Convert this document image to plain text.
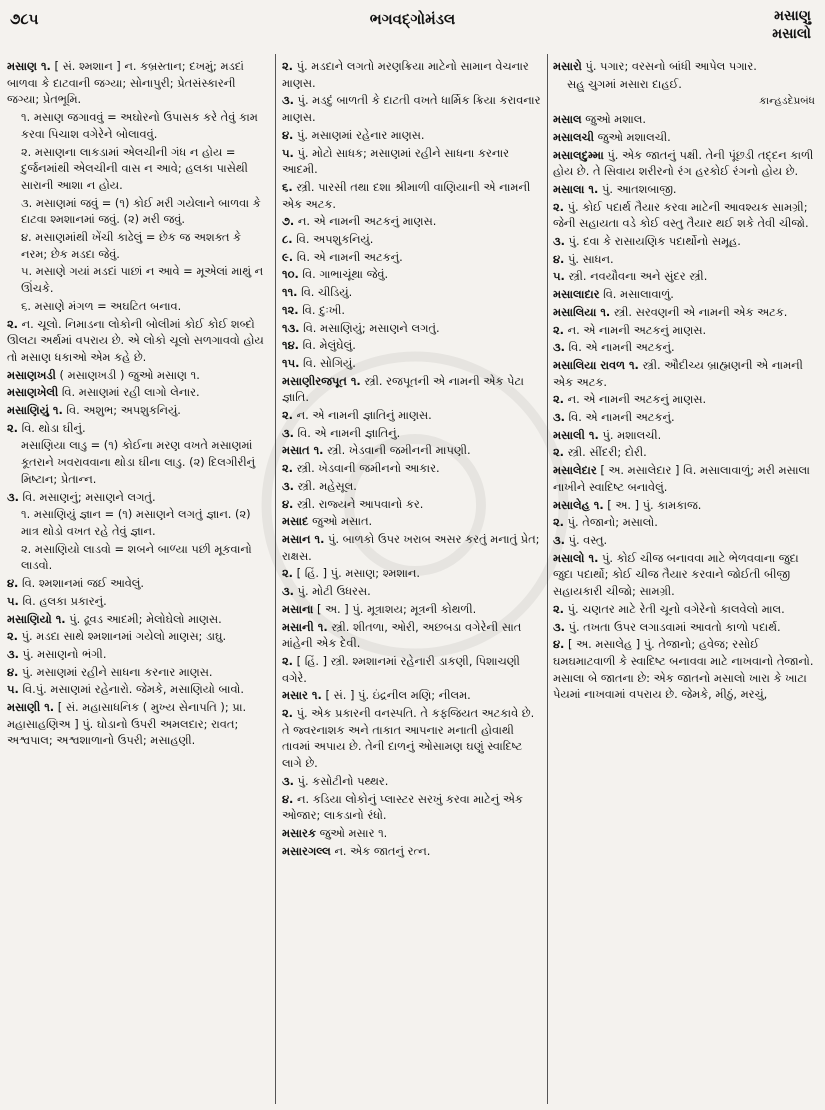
૭૮૫	ભગવદ્ગોમંડલ	મસાણુ
મસાલો
મસાણ ૧. [ સં. શ્મશાન ] ન. કબ્રસ્તાન; દખમું; મડદાં બાળવા કે દાટવાની જગ્યા; સોનાપુરી; પ્રેતસંસ્કારની જગ્યા; પ્રેતભૂમિ.
૧. મસાણ જગાવવું = અઘોરનો ઉપાસક કરે તેવું કામ કરવા પિચાશ વગેરેને બોલાવવું.
૨. મસાણના લાકડામાં એલચીની ગંધ ન હોય = દુર્જનમાંથી એલચીની વાસ ન આવે; હલકા પાસેથી સારાની આશા ન હોય.
૩. મસાણમાં જવું = (૧) કોઈ મરી ગયેલાને બાળવા કે દાટવા શ્મશાનમાં જવું. (૨) મરી જવું.
૪. મસાણમાંથી ખેંચી કાઢેલું = છેક જ અશક્ત કે નરમ; છેક મડદા જેવું.
૫. મસાણે ગયાં મડદાં પાછાં ન આવે = મૂએલાં માથું ન ઊંચકે.
૬. મસાણે મંગળ = અઘટિત બનાવ.
૨. ન. ચૂલો. નિમાડના લોકોની બોલીમાં કોઈ કોઈ શબ્દો ઊલટા અર્થમાં વપરાય છે. એ લોકો ચૂલો સળગાવવો હોય તો મસાણ ધકાઓ એમ કહે છે.
મસાણખડી ( મસાણખડી ) જુઓ મસાણ ૧.
મસાણખેલી વિ. મસાણમાં રહી લાગો લેનાર.
મસાણિયું ૧. વિ. અશુભ; અપશુકનિયું.
૨. વિ. થોડા ઘીનું.
મસાણિયા લાડુ = (૧) કોઈના મરણ વખતે મસાણમાં કૂતરાને ખવરાવવાના થોડા ઘીના લાડુ. (૨) દિલગીરીનું મિષ્ટાન; પ્રેતાન્ન.
૩. વિ. મસાણનું; મસાણને લગતું.
૧. મસાણિયું જ્ઞાન = (૧) મસાણને લગતું જ્ઞાન. (૨) માત્ર થોડો વખત રહે તેવું જ્ઞાન.
૨. મસાણિયો લાડવો = શબને બાળ્યા પછી મૂકવાનો લાડવો.
૪. વિ. શ્મશાનમાં જઈ આવેલું.
૫. વિ. હલકા પ્રકારનું.
મસાણિયો ૧. પું. ઢૂવડ આદમી; મેલોઘેલો માણસ.
૨. પું. મડદા સાથે શ્મશાનમાં ગયેલો માણસ; ડાઘુ.
૩. પું. મસાણનો ભંગી.
૪. પું. મસાણમાં રહીને સાધના કરનાર માણસ.
૫. વિ.પું. મસાણમાં રહેનારો. જેમકે, મસાણિયો બાવો.
મસાણી ૧. [ સં. મહાસાધનિક ( મુખ્ય સેનાપતિ ); પ્રા. મહાસાહણિઅ ] પું. ઘોડાનો ઉપરી અમલદાર; રાવત; અશ્વપાલ; અશ્વશાળાનો ઉપરી; મસાહણી.
૨. પું. મડદાને લગતો મરણક્રિયા માટેનો સામાન વેચનાર માણસ.
૩. પું. મડદું બાળતી કે દાટતી વખતે ધાર્મિક ક્રિયા કરાવનાર માણસ.
૪. પું. મસાણમાં રહેનાર માણસ.
૫. પું. મોટો સાધક; મસાણમાં રહીને સાધના કરનાર આદમી.
૬. સ્ત્રી. પારસી તથા દશા શ્રીમાળી વાણિયાની એ નામની એક અટક.
૭. ન. એ નામની અટકનું માણસ.
૮. વિ. અપશુકનિયું.
૯. વિ. એ નામની અટકનું.
૧૦. વિ. ગાભાચૂંથા જેવું.
૧૧. વિ. ચીડિયું.
૧૨. વિ. દુઃખી.
૧૩. વિ. મસાણિયું; મસાણને લગતું.
૧૪. વિ. મેલુંઘેલું.
૧૫. વિ. સોગિયું.
મસાણીરજપૂત ૧. સ્ત્રી. રજપૂતની એ નામની એક પેટા જ્ઞાતિ.
૨. ન. એ નામની જ્ઞાતિનું માણસ.
૩. વિ. એ નામની જ્ઞાતિનું.
મસાત ૧. સ્ત્રી. ખેડવાની જમીનની માપણી.
૨. સ્ત્રી. ખેડવાની જમીનનો આકાર.
૩. સ્ત્રી. મહેસૂલ.
૪. સ્ત્રી. રાજ્યને આપવાનો કર.
મસાદ જુઓ મસાત.
મસાન ૧. પું. બાળકો ઉપર ખરાબ અસર કરતું મનાતું પ્રેત; રાક્ષસ.
૨. [ હિં. ] પું. મસાણ; શ્મશાન.
૩. પું. મોટી ઉધરસ.
મસાના [ અ. ] પું. મૂત્રાશય; મૂત્રની કોથળી.
મસાની ૧. સ્ત્રી. શીતળા, ઓરી, અછબડા વગેરેની સાત માંહેની એક દેવી.
૨. [ હિં. ] સ્ત્રી. શ્મશાનમાં રહેનારી ડાકણી, પિશાચણી વગેરે.
મસાર ૧. [ સં. ] પું. ઇંદ્રનીલ મણિ; નીલમ.
૨. પું. એક પ્રકારની વનસ્પતિ. તે કફજિયત અટકાવે છે. તે જ્વરનાશક અને તાકાત આપનાર મનાતી હોવાથી તાવમાં અપાય છે. તેની દાળનું ઓસામણ ઘણું સ્વાદિષ્ટ લાગે છે.
૩. પું. કસોટીનો પથ્થર.
૪. ન. કડિયા લોકોનું પ્લાસ્ટર સરખું કરવા માટેનું એક ઓજાર; લાકડાનો રંધો.
મસારક જુઓ મસાર ૧.
મસારગલ્લ ન. એક જાતનું રત્ન.
મસારો પું. પગાર; વરસનો બાંધી આપેલ પગાર.
સહુ ચુગમાં મસારા દાહઈ.
કાન્હડદેપ્રબંધ
મસાલ જુઓ મશાલ.
મસાલચી જુઓ મશાલચી.
મસાલદુમ્મા પું. એક જાતનું પક્ષી. તેની પૂંછડી તદ્દન કાળી હોય છે. તે સિવાય શરીરનો રંગ હરકોઈ રંગનો હોય છે.
મસાલા ૧. પું. આતશબાજી.
૨. પું. કોઈ પદાર્થ તૈયાર કરવા માટેની આવશ્યક સામગ્રી; જેની સહાયતા વડે કોઈ વસ્તુ તૈયાર થઈ શકે તેવી ચીજો.
૩. પું. દવા કે રાસાયણિક પદાર્થોનો સમૂહ.
૪. પું. સાધન.
૫. સ્ત્રી. નવયૌવના અને સુંદર સ્ત્રી.
મસાલાદાર વિ. મસાલાવાળું.
મસાલિયા ૧. સ્ત્રી. સરવણની એ નામની એક અટક.
૨. ન. એ નામની અટકનું માણસ.
૩. વિ. એ નામની અટકનું.
મસાલિયા રાવળ ૧. સ્ત્રી. ઔદીચ્ય બ્રાહ્મણની એ નામની એક અટક.
૨. ન. એ નામની અટકનું માણસ.
૩. વિ. એ નામની અટકનું.
મસાલી ૧. પું. મશાલચી.
૨. સ્ત્રી. સીંદરી; દોરી.
મસાલેદાર [ અ. મસાલેદાર ] વિ. મસાલાવાળું; મરી મસાલા નાખીને સ્વાદિષ્ટ બનાવેલું.
મસાલેહ ૧. [ અ. ] પું. કામકાજ.
૨. પું. તેજાનો; મસાલો.
૩. પું. વસ્તુ.
મસાલો ૧. પું. કોઈ ચીજ બનાવવા માટે ભેળવવાના જુદા જુદા પદાર્થો; કોઈ ચીજ તૈયાર કરવાને જોઈતી બીજી સહાયકારી ચીજો; સામગ્રી.
૨. પું. ચણતર માટે રેતી ચૂનો વગેરેનો કાલવેલો માલ.
૩. પું. તખતા ઉપર લગાડવામાં આવતો કાળો પદાર્થ.
૪. [ અ. મસાલેહ ] પું. તેજાનો; હવેજ; રસોઈ ઘમઘમાટવાળી કે સ્વાદિષ્ટ બનાવવા માટે નાખવાનો તેજાનો. મસાલા બે જાતના છે: એક જાતનો મસાલો ખારા કે ખાટા પેયમાં નાખવામાં વપરાય છે. જેમકે, મીઠું, મરચું,
